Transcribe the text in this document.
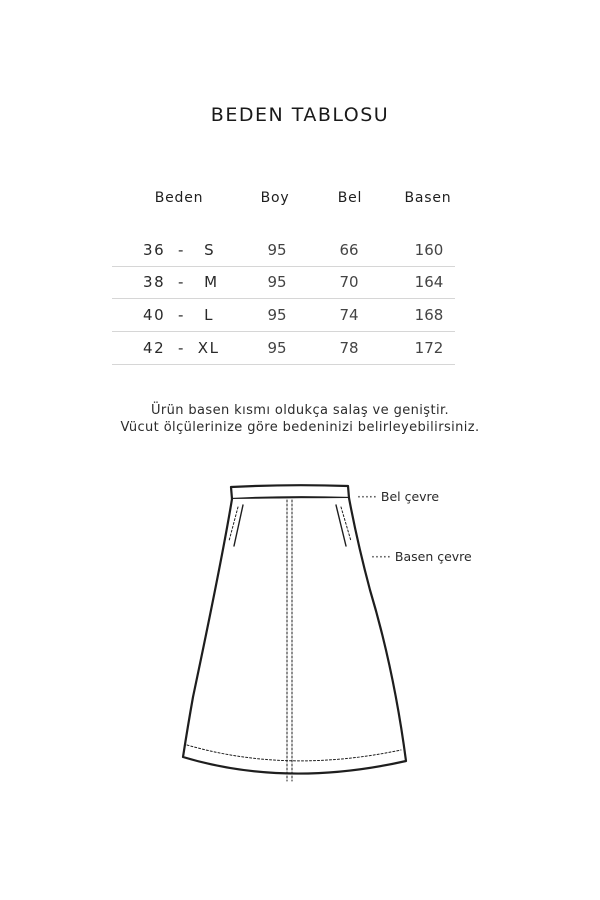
BEDEN TABLOSU
Beden	Boy	Bel	Basen
36  -   S	95	66	160
38  -   M	95	70	164
40  -   L	95	74	168
42  -  XL	95	78	172
Ürün basen kısmı oldukça salaş ve geniştir.
Vücut ölçülerinize göre bedeninizi belirleyebilirsiniz.
····· Bel çevre
····· Basen çevre
